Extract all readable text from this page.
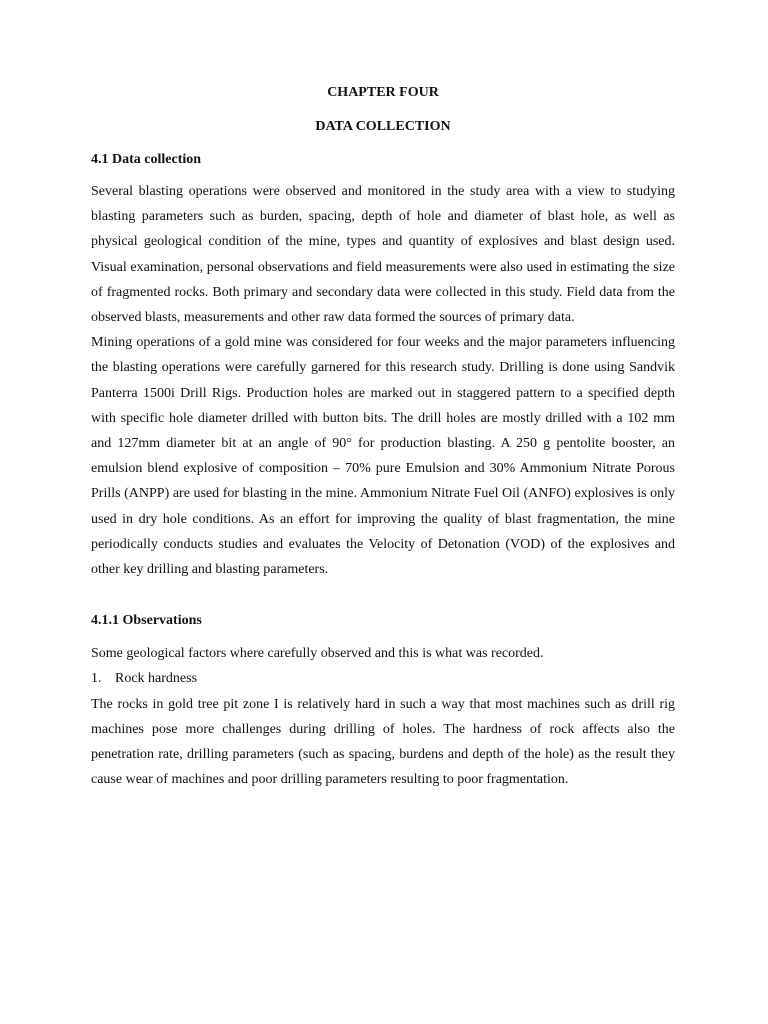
CHAPTER FOUR

DATA COLLECTION

4.1 Data collection

Several blasting operations were observed and monitored in the study area with a view to studying blasting parameters such as burden, spacing, depth of hole and diameter of blast hole, as well as physical geological condition of the mine, types and quantity of explosives and blast design used. Visual examination, personal observations and field measurements were also used in estimating the size of fragmented rocks. Both primary and secondary data were collected in this study. Field data from the observed blasts, measurements and other raw data formed the sources of primary data.

Mining operations of a gold mine was considered for four weeks and the major parameters influencing the blasting operations were carefully garnered for this research study. Drilling is done using Sandvik Panterra 1500i Drill Rigs. Production holes are marked out in staggered pattern to a specified depth with specific hole diameter drilled with button bits. The drill holes are mostly drilled with a 102 mm and 127mm diameter bit at an angle of 90° for production blasting. A 250 g pentolite booster, an emulsion blend explosive of composition – 70% pure Emulsion and 30% Ammonium Nitrate Porous Prills (ANPP) are used for blasting in the mine. Ammonium Nitrate Fuel Oil (ANFO) explosives is only used in dry hole conditions. As an effort for improving the quality of blast fragmentation, the mine periodically conducts studies and evaluates the Velocity of Detonation (VOD) of the explosives and other key drilling and blasting parameters.

4.1.1 Observations

Some geological factors where carefully observed and this is what was recorded.

1. Rock hardness

The rocks in gold tree pit zone I is relatively hard in such a way that most machines such as drill rig machines pose more challenges during drilling of holes. The hardness of rock affects also the penetration rate, drilling parameters (such as spacing, burdens and depth of the hole) as the result they cause wear of machines and poor drilling parameters resulting to poor fragmentation.
